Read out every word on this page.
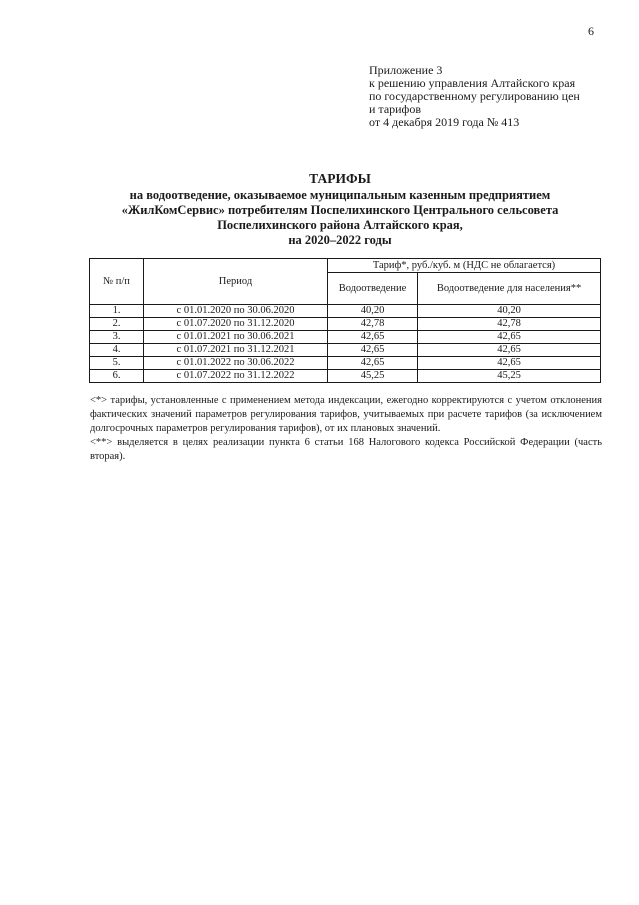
6
Приложение 3
к решению управления Алтайского края
по государственному регулированию цен
и тарифов
от 4 декабря 2019 года № 413
ТАРИФЫ
на водоотведение, оказываемое муниципальным казенным предприятием
«ЖилКомСервис» потребителям Поспелихинского Центрального сельсовета
Поспелихинского района Алтайского края,
на 2020–2022 годы
№ п/п	Период	Тариф*, руб./куб. м (НДС не облагается)	
		Водоотведение	Водоотведение для населения**
1.	с 01.01.2020 по 30.06.2020	40,20	40,20
2.	с 01.07.2020 по 31.12.2020	42,78	42,78
3.	с 01.01.2021 по 30.06.2021	42,65	42,65
4.	с 01.07.2021 по 31.12.2021	42,65	42,65
5.	с 01.01.2022 по 30.06.2022	42,65	42,65
6.	с 01.07.2022 по 31.12.2022	45,25	45,25

<*> тарифы, установленные с применением метода индексации, ежегодно корректируются с учетом отклонения фактических значений параметров регулирования тарифов, учитываемых при расчете тарифов (за исключением долгосрочных параметров регулирования тарифов), от их плановых значений.

<**> выделяется в целях реализации пункта 6 статьи 168 Налогового кодекса Российской Федерации (часть вторая).
